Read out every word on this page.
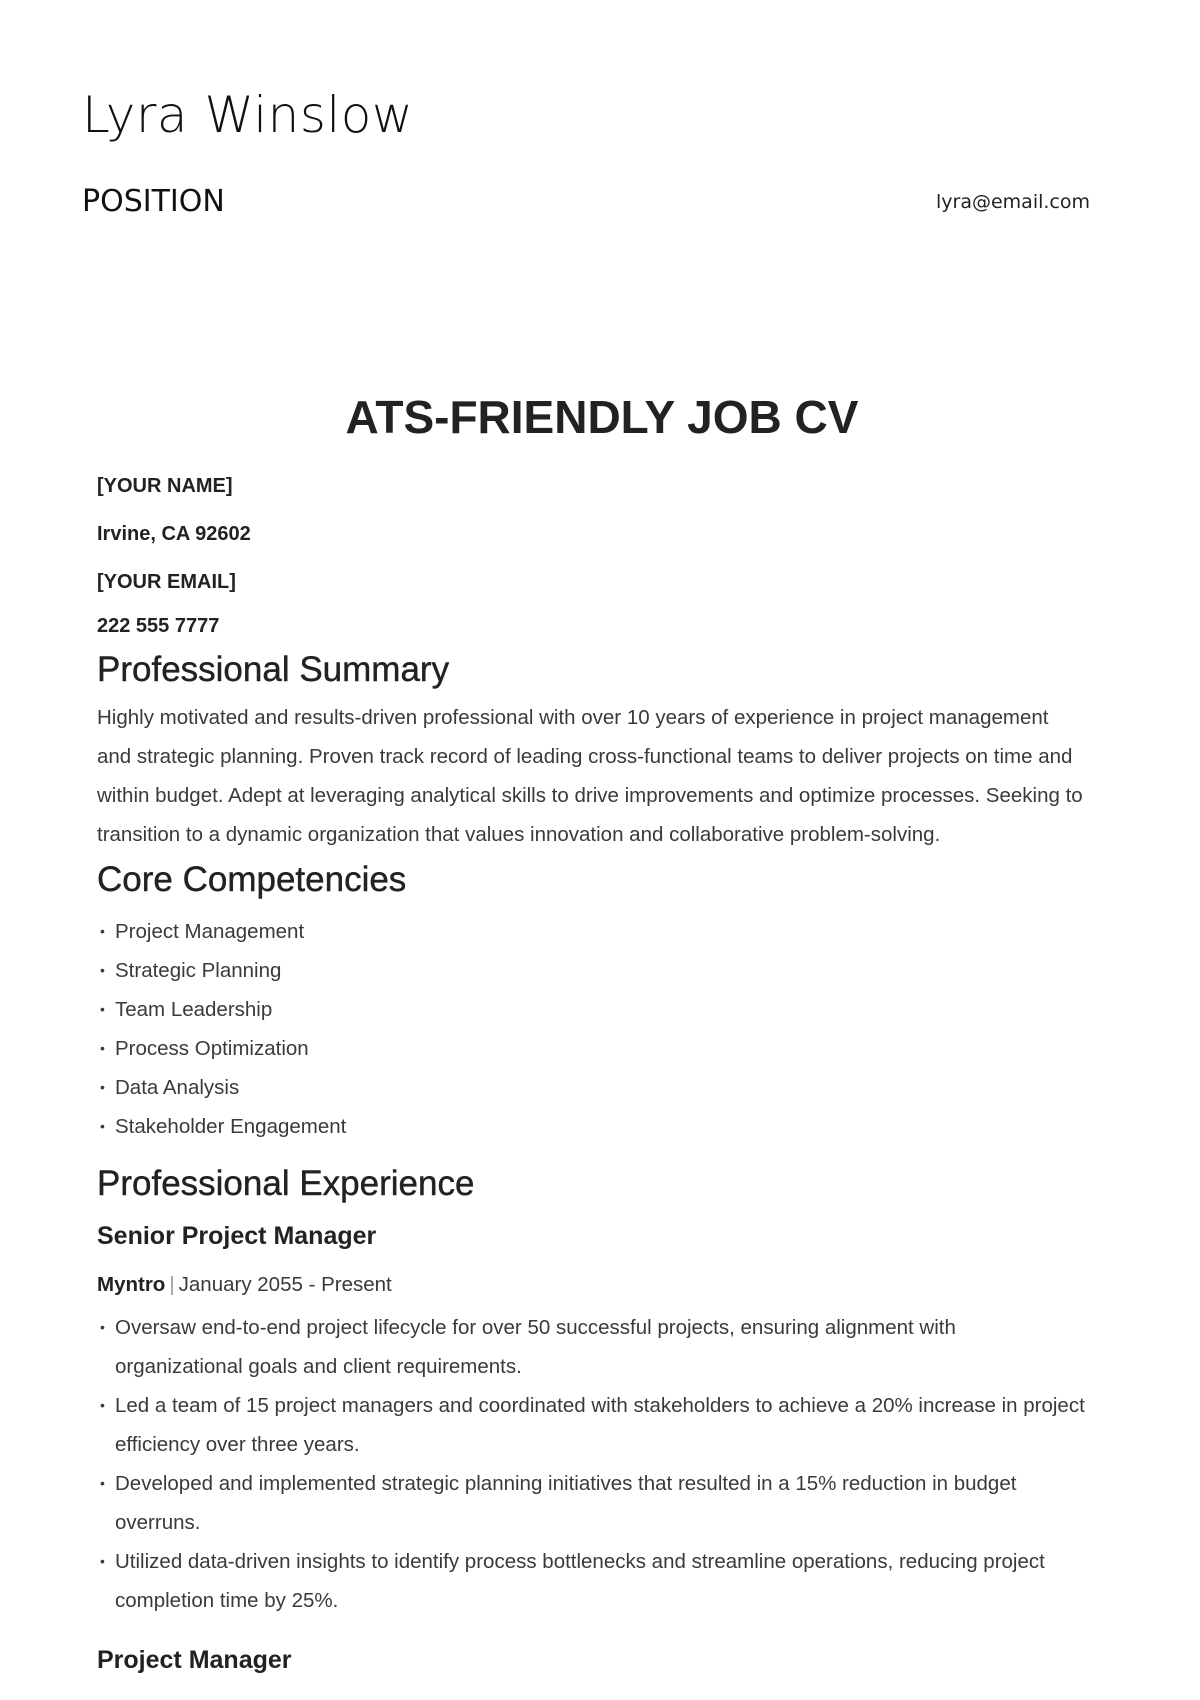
Lyra Winslow
POSITION	lyra@email.com
ATS-FRIENDLY JOB CV
[YOUR NAME]
Irvine, CA 92602
[YOUR EMAIL]
222 555 7777
Professional Summary

Highly motivated and results-driven professional with over 10 years of experience in project management and strategic planning. Proven track record of leading cross-functional teams to deliver projects on time and within budget. Adept at leveraging analytical skills to drive improvements and optimize processes. Seeking to transition to a dynamic organization that values innovation and collaborative problem-solving.

Core Competencies
• Project Management
• Strategic Planning
• Team Leadership
• Process Optimization
• Data Analysis
• Stakeholder Engagement
Professional Experience
Senior Project Manager
Myntro | January 2055 - Present
• Oversaw end-to-end project lifecycle for over 50 successful projects, ensuring alignment with organizational goals and client requirements.
• Led a team of 15 project managers and coordinated with stakeholders to achieve a 20% increase in project efficiency over three years.
• Developed and implemented strategic planning initiatives that resulted in a 15% reduction in budget overruns.
• Utilized data-driven insights to identify process bottlenecks and streamline operations, reducing project completion time by 25%.
Project Manager
